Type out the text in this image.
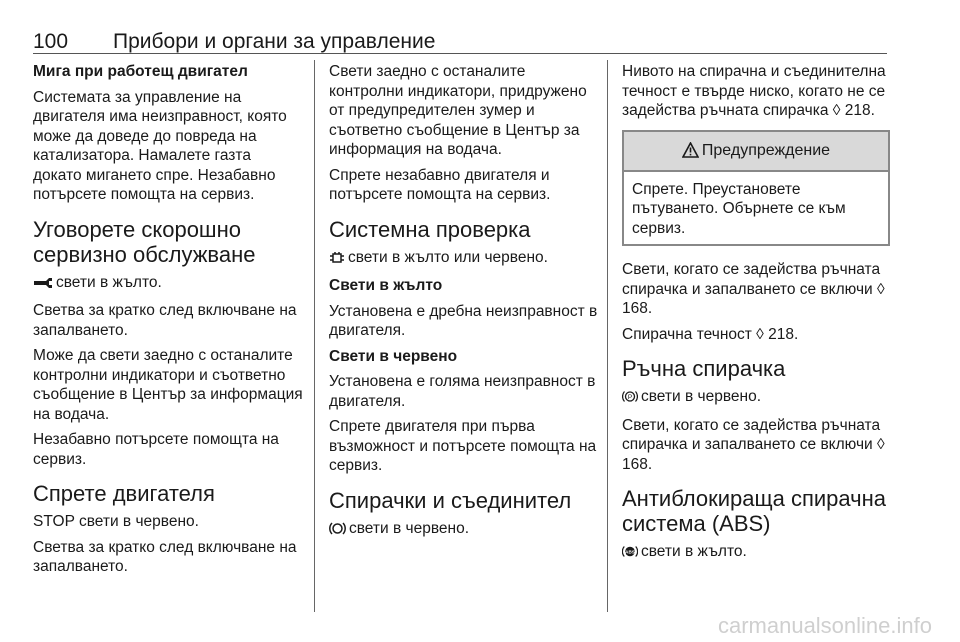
100 Прибори и органи за управление
Мига при работещ двигател

Системата за управление на двигателя има неизправност, която може да доведе до повреда на катализатора. Намалете газта докато мигането спре. Незабавно потърсете помощта на сервиз.

Уговорете скорошно сервизно обслужване

свети в жълто.

Светва за кратко след включване на запалването.

Може да свети заедно с останалите контролни индикатори и съответно съобщение в Център за информация на водача.

Незабавно потърсете помощта на сервиз.

Спрете двигателя

STOP свети в червено.

Светва за кратко след включване на запалването.

Свети заедно с останалите контролни индикатори, придружено от предупредителен зумер и съответно съобщение в Център за информация на водача.

Спрете незабавно двигателя и потърсете помощта на сервиз.

Системна проверка

свети в жълто или червено.

Свети в жълто

Установена е дребна неизправност в двигателя.

Свети в червено

Установена е голяма неизправност в двигателя.

Спрете двигателя при първа възможност и потърсете помощта на сервиз.

Спирачки и съединител

свети в червено.

Нивото на спирачна и съединителна течност е твърде ниско, когато не се задейства ръчната спирачка ◊ 218.

Предупреждение

Спрете. Преустановете пътуването. Обърнете се към сервиз.

Свети, когато се задейства ръчната спирачка и запалването се включи ◊ 168.

Спирачна течност ◊ 218.

Ръчна спирачка

P свети в червено.

Свети, когато се задейства ръчната спирачка и запалването се включи ◊ 168.

Антиблокираща спирачна система (ABS)

ABS свети в жълто.

carmanualsonline.info
